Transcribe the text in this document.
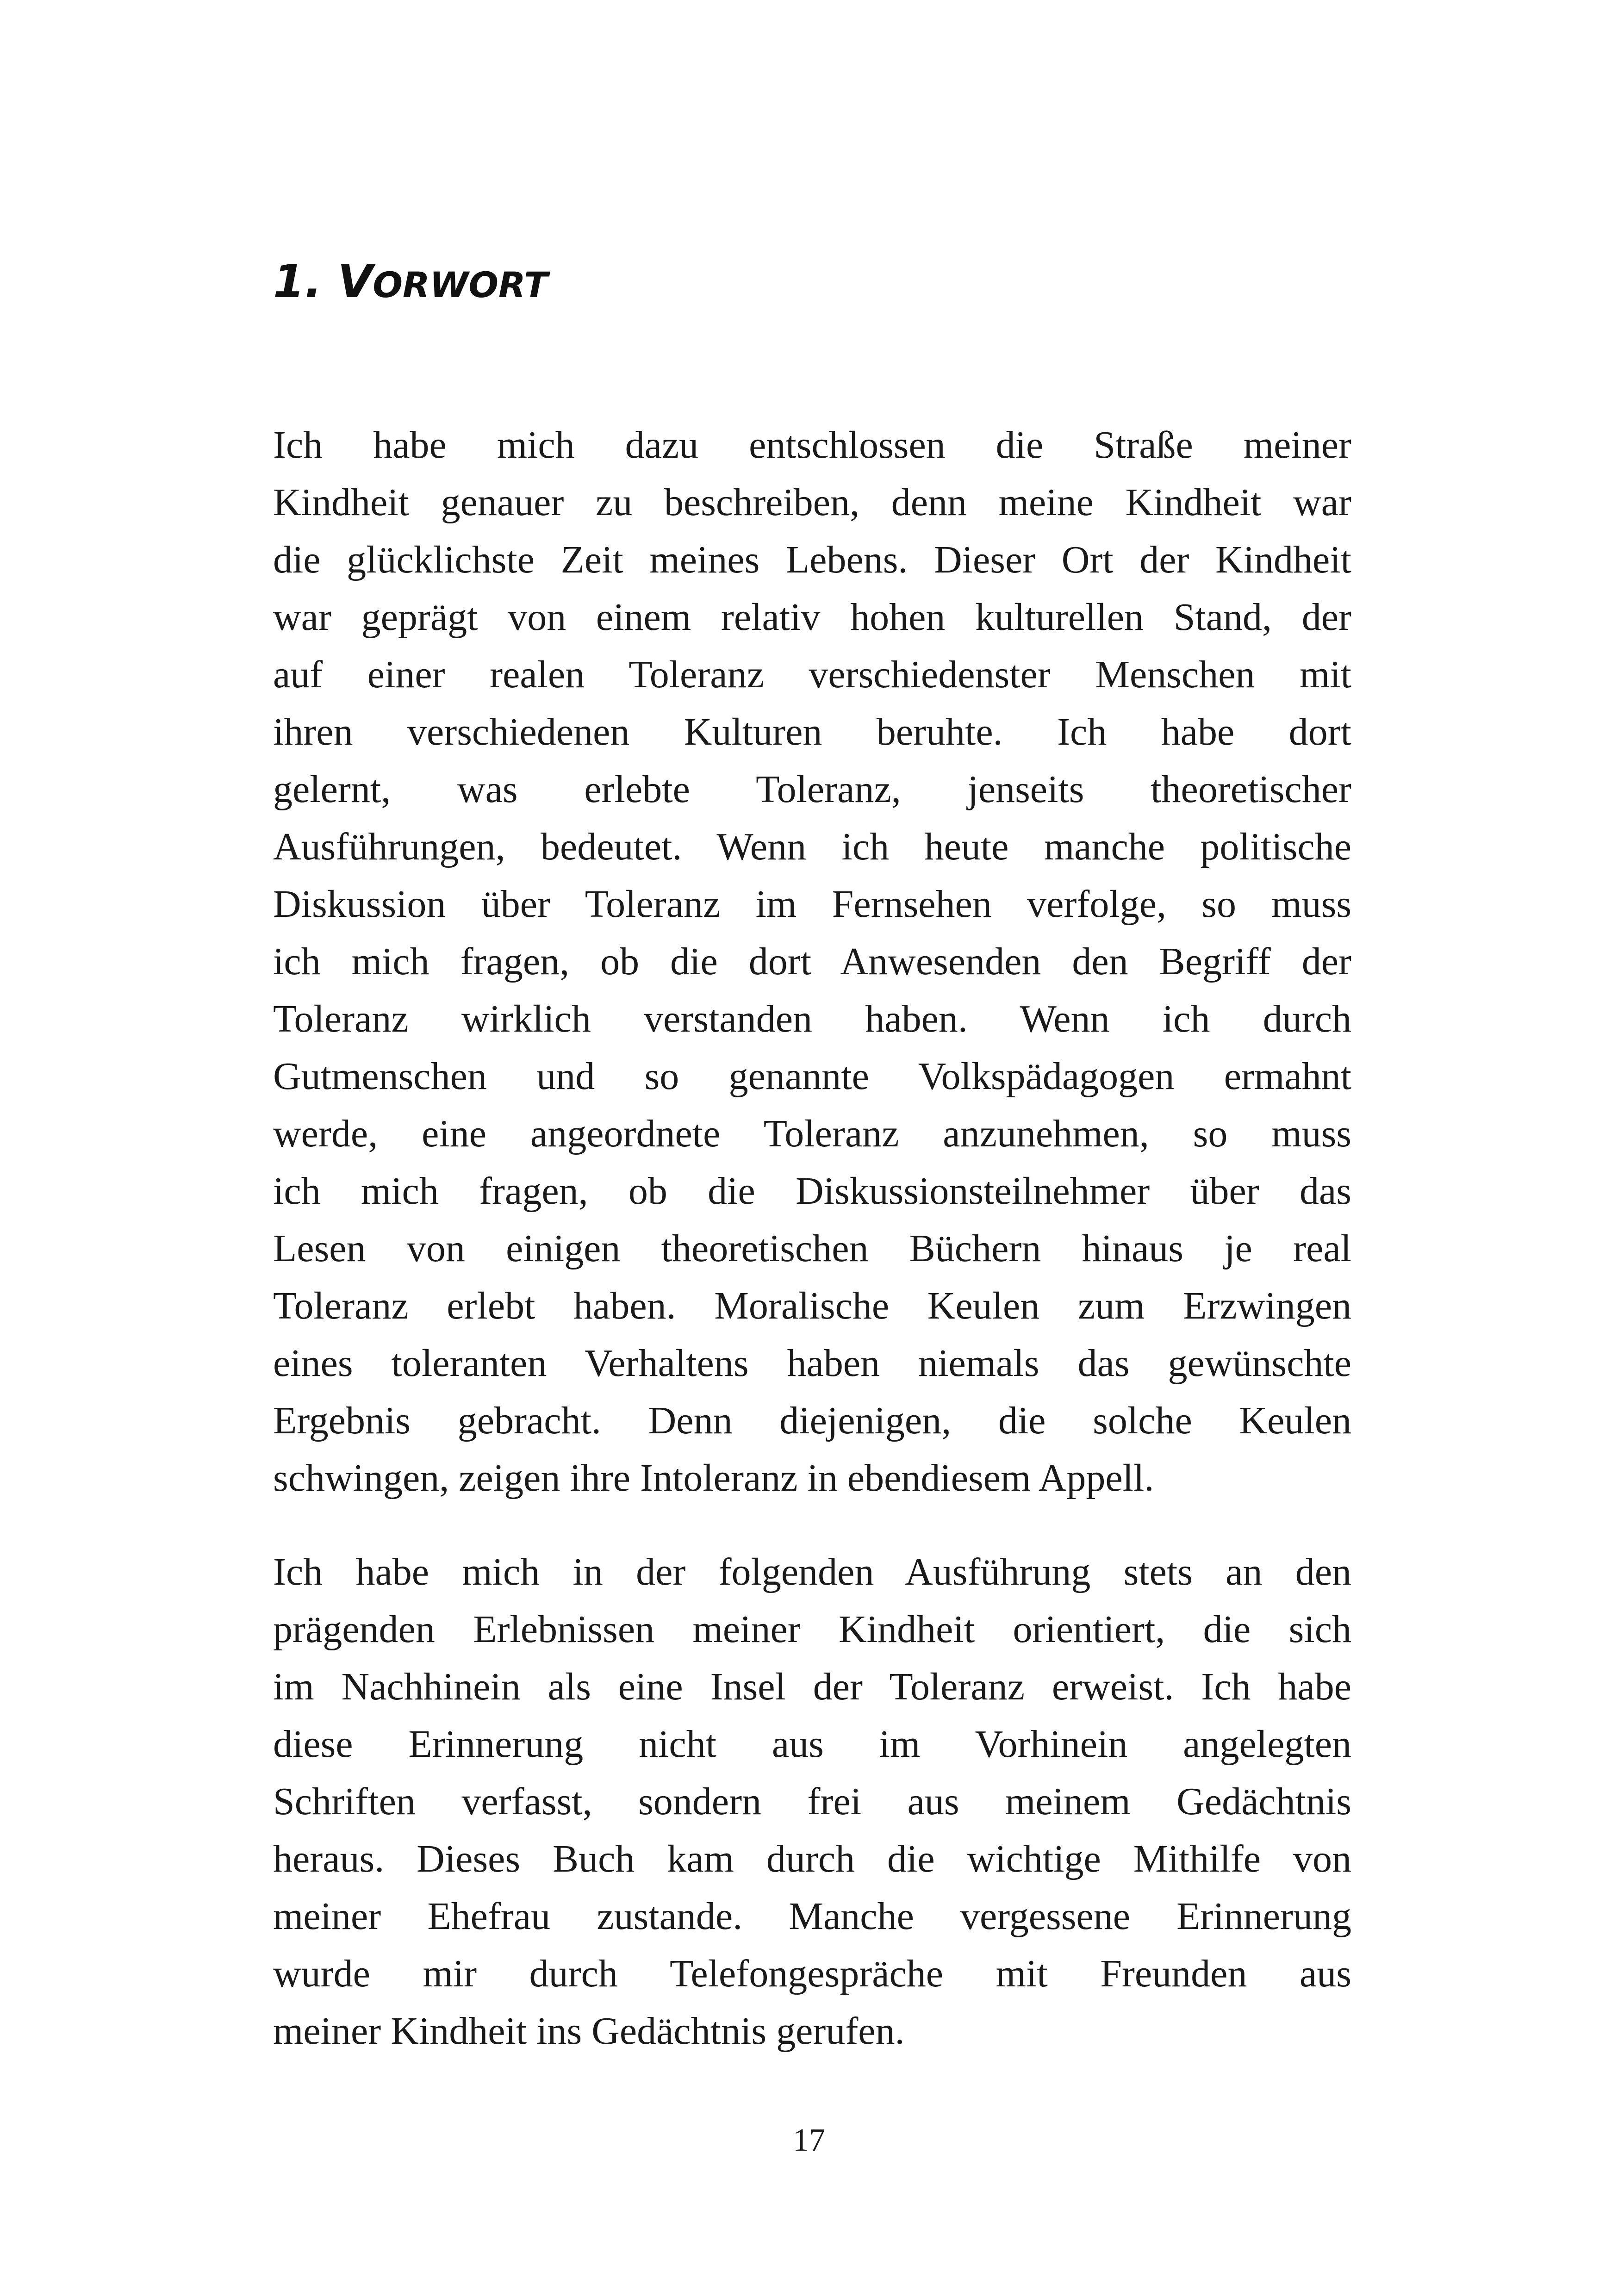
1. VORWORT
Ich habe mich dazu entschlossen die Straße meiner
Kindheit genauer zu beschreiben, denn meine Kindheit war
die glücklichste Zeit meines Lebens. Dieser Ort der Kindheit
war geprägt von einem relativ hohen kulturellen Stand, der
auf einer realen Toleranz verschiedenster Menschen mit
ihren verschiedenen Kulturen beruhte. Ich habe dort
gelernt, was erlebte Toleranz, jenseits theoretischer
Ausführungen, bedeutet. Wenn ich heute manche politische
Diskussion über Toleranz im Fernsehen verfolge, so muss
ich mich fragen, ob die dort Anwesenden den Begriff der
Toleranz wirklich verstanden haben. Wenn ich durch
Gutmenschen und so genannte Volkspädagogen ermahnt
werde, eine angeordnete Toleranz anzunehmen, so muss
ich mich fragen, ob die Diskussionsteilnehmer über das
Lesen von einigen theoretischen Büchern hinaus je real
Toleranz erlebt haben. Moralische Keulen zum Erzwingen
eines toleranten Verhaltens haben niemals das gewünschte
Ergebnis gebracht. Denn diejenigen, die solche Keulen
schwingen, zeigen ihre Intoleranz in ebendiesem Appell.
Ich habe mich in der folgenden Ausführung stets an den
prägenden Erlebnissen meiner Kindheit orientiert, die sich
im Nachhinein als eine Insel der Toleranz erweist. Ich habe
diese Erinnerung nicht aus im Vorhinein angelegten
Schriften verfasst, sondern frei aus meinem Gedächtnis
heraus. Dieses Buch kam durch die wichtige Mithilfe von
meiner Ehefrau zustande. Manche vergessene Erinnerung
wurde mir durch Telefongespräche mit Freunden aus
meiner Kindheit ins Gedächtnis gerufen.
17
